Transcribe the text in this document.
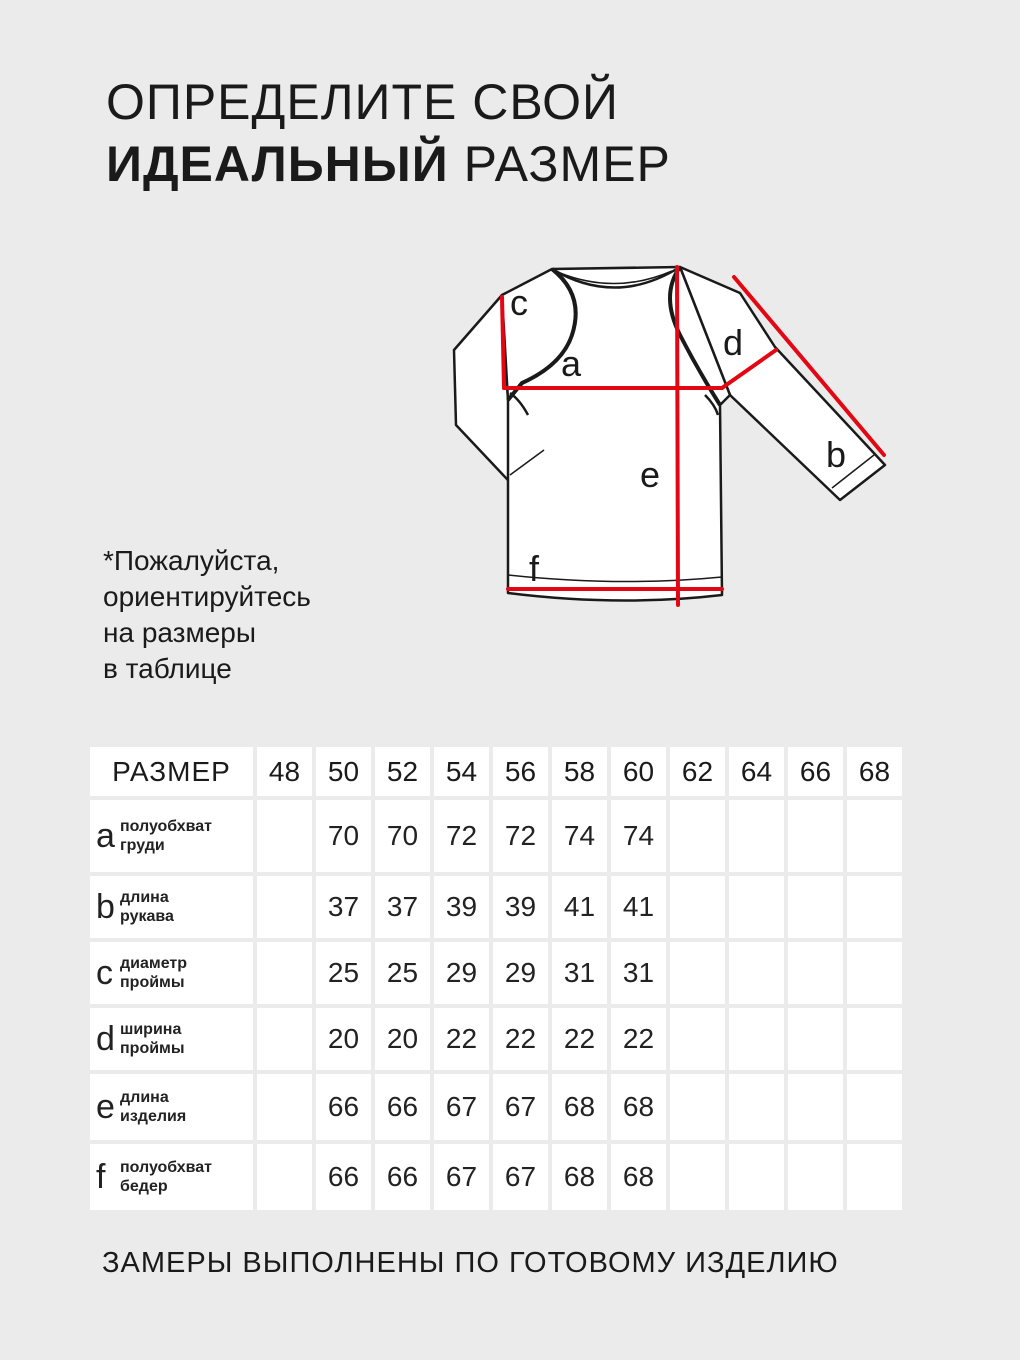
ОПРЕДЕЛИТЕ СВОЙ
ИДЕАЛЬНЫЙ РАЗМЕР
c
a
d
b
e
f

*Пожалуйста,
ориентируйтесь
на размеры
в таблице

РАЗМЕР	48	50	52	54	56	58	60	62	64	66	68
a полуобхват
груди		70	70	72	72	74	74				
b длина
рукава		37	37	39	39	41	41				
c диаметр
проймы		25	25	29	29	31	31				
d ширина
проймы		20	20	22	22	22	22				
e длина
изделия		66	66	67	67	68	68				
f полуобхват
бедер		66	66	67	67	68	68				

ЗАМЕРЫ ВЫПОЛНЕНЫ ПО ГОТОВОМУ ИЗДЕЛИЮ
